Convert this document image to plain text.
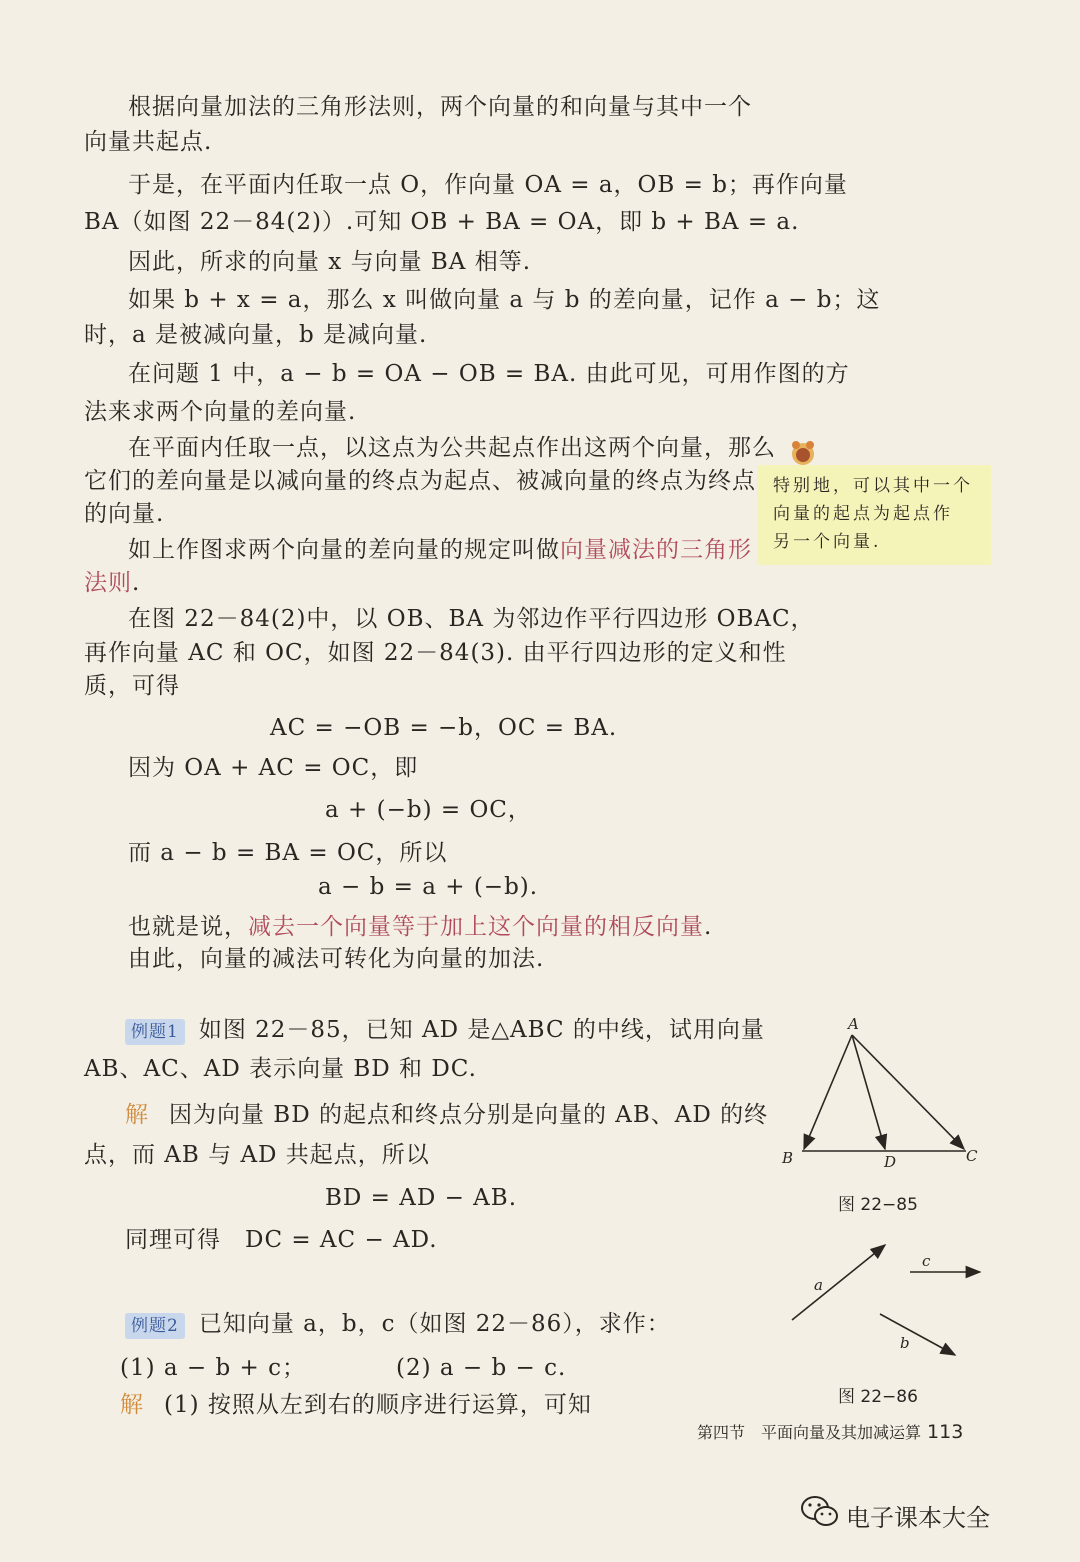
根据向量加法的三角形法则，两个向量的和向量与其中一个
向量共起点.
于是，在平面内任取一点 O，作向量 OA = a，OB = b；再作向量
BA（如图 22－84(2)）.可知 OB + BA = OA，即 b + BA = a.
因此，所求的向量 x 与向量 BA 相等.
如果 b + x = a，那么 x 叫做向量 a 与 b 的差向量，记作 a − b；这
时，a 是被减向量，b 是减向量.
在问题 1 中，a − b = OA − OB = BA. 由此可见，可用作图的方
法来求两个向量的差向量.
在平面内任取一点，以这点为公共起点作出这两个向量，那么
它们的差向量是以减向量的终点为起点、被减向量的终点为终点
的向量.
如上作图求两个向量的差向量的规定叫做向量减法的三角形
法则.
在图 22－84(2)中，以 OB、BA 为邻边作平行四边形 OBAC，
再作向量 AC 和 OC，如图 22－84(3). 由平行四边形的定义和性
质，可得
AC = −OB = −b，OC = BA.
因为 OA + AC = OC，即
a + (−b) = OC，
而 a − b = BA = OC，所以
a − b = a + (−b).
也就是说，减去一个向量等于加上这个向量的相反向量.
由此，向量的减法可转化为向量的加法.
例题1 如图 22－85，已知 AD 是△ABC 的中线，试用向量
AB、AC、AD 表示向量 BD 和 DC.
解 因为向量 BD 的起点和终点分别是向量的 AB、AD 的终
点，而 AB 与 AD 共起点，所以
BD = AD − AB.
同理可得　DC = AC − AD.
例题2 已知向量 a，b，c（如图 22－86），求作：
(1) a − b + c；	(2) a − b − c.
解 (1) 按照从左到右的顺序进行运算，可知
特别地，可以其中一个
向量的起点为起点作
另一个向量.
A
B	D	C
图 22−85
a
c
b
图 22−86
第四节　平面向量及其加减运算 113
电子课本大全
